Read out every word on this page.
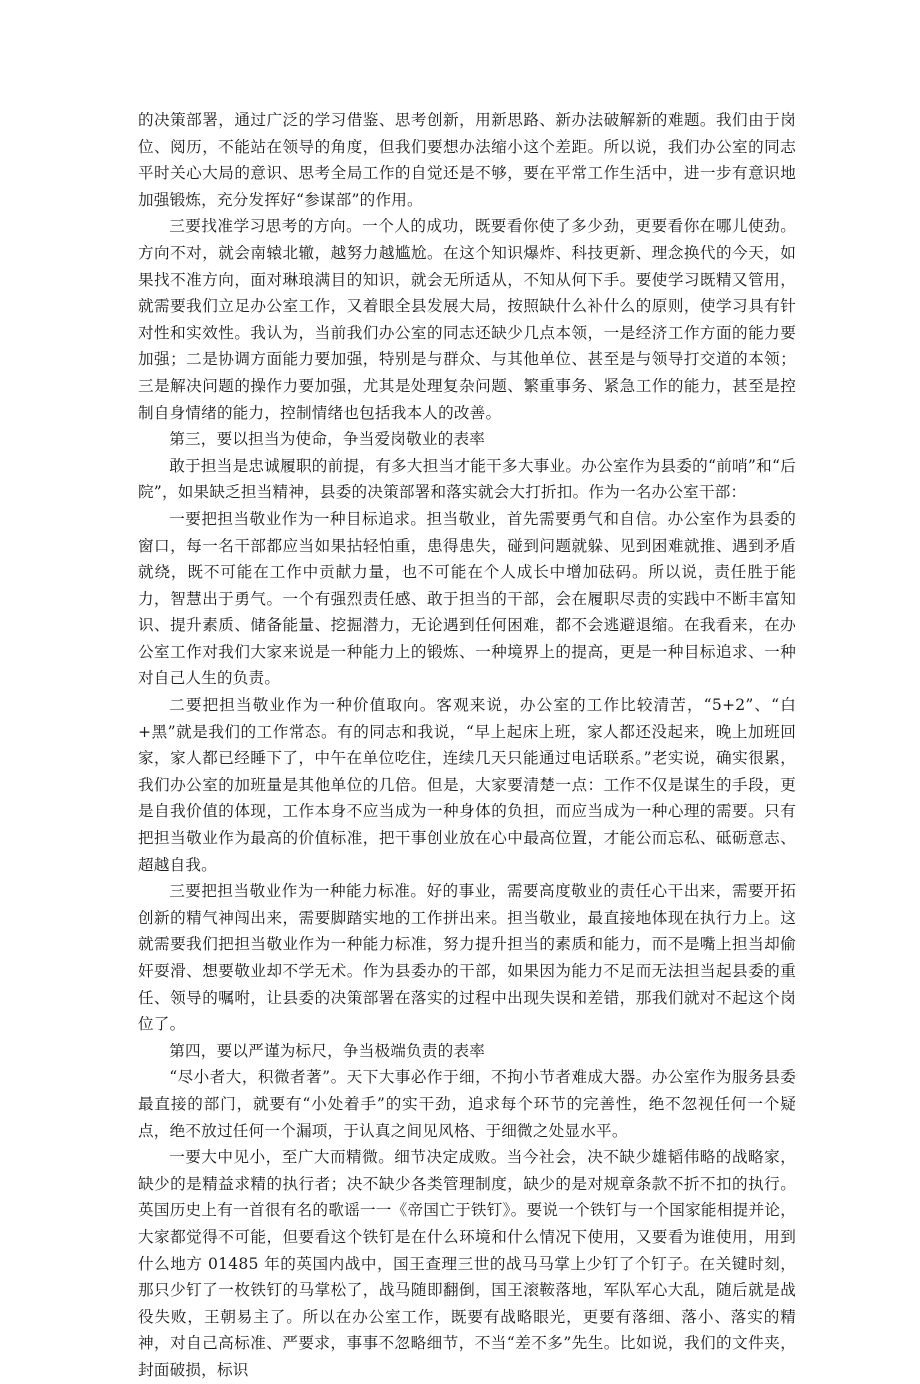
的决策部署，通过广泛的学习借鉴、思考创新，用新思路、新办法破解新的难题。我们由于岗位、阅历，不能站在领导的角度，但我们要想办法缩小这个差距。所以说，我们办公室的同志平时关心大局的意识、思考全局工作的自觉还是不够，要在平常工作生活中，进一步有意识地加强锻炼，充分发挥好“参谋部”的作用。

三要找准学习思考的方向。一个人的成功，既要看你使了多少劲，更要看你在哪儿使劲。方向不对，就会南辕北辙，越努力越尴尬。在这个知识爆炸、科技更新、理念换代的今天，如果找不准方向，面对琳琅满目的知识，就会无所适从，不知从何下手。要使学习既精又管用，就需要我们立足办公室工作，又着眼全县发展大局，按照缺什么补什么的原则，使学习具有针对性和实效性。我认为，当前我们办公室的同志还缺少几点本领，一是经济工作方面的能力要加强；二是协调方面能力要加强，特别是与群众、与其他单位、甚至是与领导打交道的本领；三是解决问题的操作力要加强，尤其是处理复杂问题、繁重事务、紧急工作的能力，甚至是控制自身情绪的能力，控制情绪也包括我本人的改善。

第三，要以担当为使命，争当爱岗敬业的表率

敢于担当是忠诚履职的前提，有多大担当才能干多大事业。办公室作为县委的“前哨”和“后院”，如果缺乏担当精神，县委的决策部署和落实就会大打折扣。作为一名办公室干部：

一要把担当敬业作为一种目标追求。担当敬业，首先需要勇气和自信。办公室作为县委的窗口，每一名干部都应当如果拈轻怕重，患得患失，碰到问题就躲、见到困难就推、遇到矛盾就绕，既不可能在工作中贡献力量，也不可能在个人成长中增加砝码。所以说，责任胜于能力，智慧出于勇气。一个有强烈责任感、敢于担当的干部，会在履职尽责的实践中不断丰富知识、提升素质、储备能量、挖掘潜力，无论遇到任何困难，都不会逃避退缩。在我看来，在办公室工作对我们大家来说是一种能力上的锻炼、一种境界上的提高，更是一种目标追求、一种对自己人生的负责。

二要把担当敬业作为一种价值取向。客观来说，办公室的工作比较清苦，“5+2”、“白+黑”就是我们的工作常态。有的同志和我说，“早上起床上班，家人都还没起来，晚上加班回家，家人都已经睡下了，中午在单位吃住，连续几天只能通过电话联系。”老实说，确实很累，我们办公室的加班量是其他单位的几倍。但是，大家要清楚一点：工作不仅是谋生的手段，更是自我价值的体现，工作本身不应当成为一种身体的负担，而应当成为一种心理的需要。只有把担当敬业作为最高的价值标准，把干事创业放在心中最高位置，才能公而忘私、砥砺意志、超越自我。

三要把担当敬业作为一种能力标准。好的事业，需要高度敬业的责任心干出来，需要开拓创新的精气神闯出来，需要脚踏实地的工作拼出来。担当敬业，最直接地体现在执行力上。这就需要我们把担当敬业作为一种能力标准，努力提升担当的素质和能力，而不是嘴上担当却偷奸耍滑、想要敬业却不学无术。作为县委办的干部，如果因为能力不足而无法担当起县委的重任、领导的嘱咐，让县委的决策部署在落实的过程中出现失误和差错，那我们就对不起这个岗位了。

第四，要以严谨为标尺，争当极端负责的表率

“尽小者大，积微者著”。天下大事必作于细，不拘小节者难成大器。办公室作为服务县委最直接的部门，就要有“小处着手”的实干劲，追求每个环节的完善性，绝不忽视任何一个疑点，绝不放过任何一个漏项，于认真之间见风格、于细微之处显水平。

一要大中见小，至广大而精微。细节决定成败。当今社会，决不缺少雄韬伟略的战略家，缺少的是精益求精的执行者；决不缺少各类管理制度，缺少的是对规章条款不折不扣的执行。英国历史上有一首很有名的歌谣一一《帝国亡于铁钉》。要说一个铁钉与一个国家能相提并论，大家都觉得不可能，但要看这个铁钉是在什么环境和什么情况下使用，又要看为谁使用，用到什么地方 01485 年的英国内战中，国王查理三世的战马马掌上少钉了个钉子。在关键时刻，那只少钉了一枚铁钉的马掌松了，战马随即翻倒，国王滚鞍落地，军队军心大乱，随后就是战役失败，王朝易主了。所以在办公室工作，既要有战略眼光，更要有落细、落小、落实的精神，对自己高标准、严要求，事事不忽略细节，不当“差不多”先生。比如说，我们的文件夹，封面破损，标识
